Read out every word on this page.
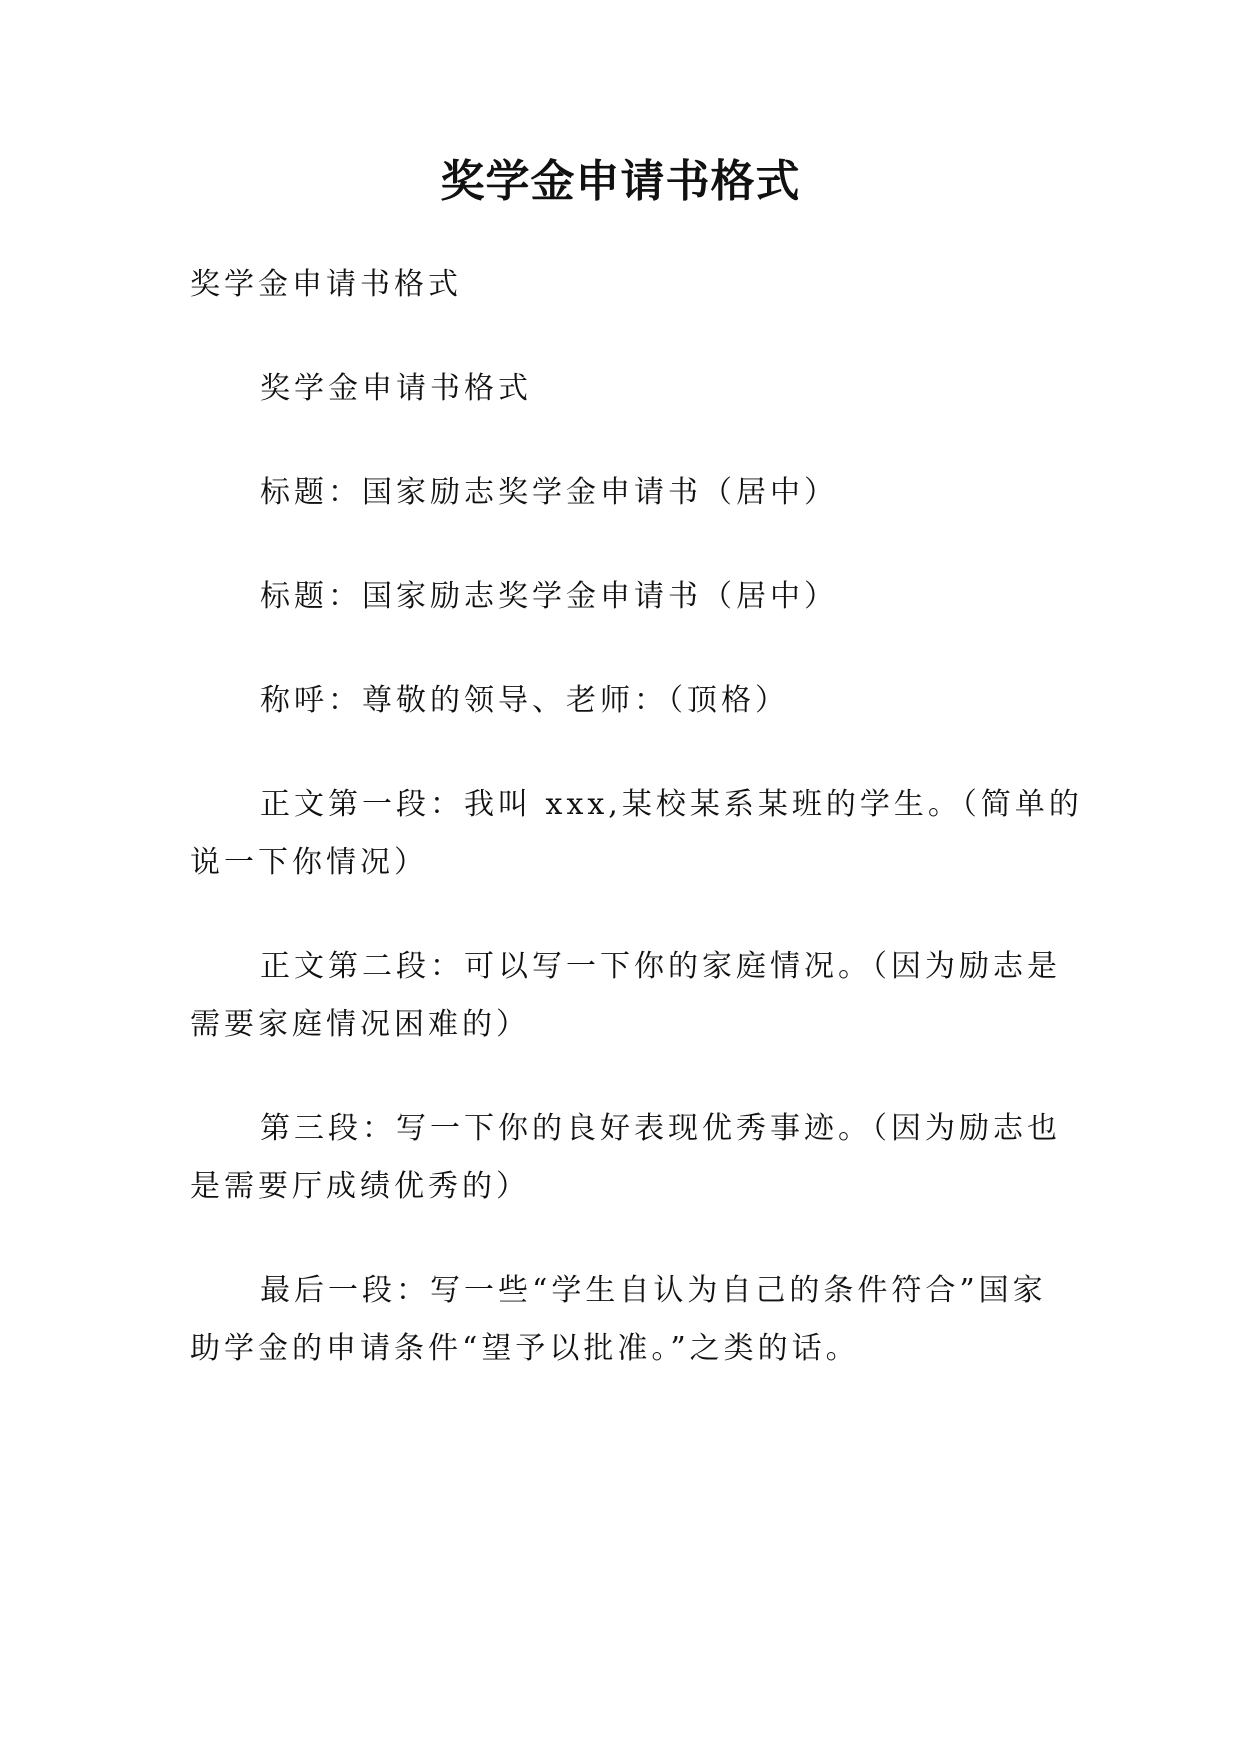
奖学金申请书格式
奖学金申请书格式
奖学金申请书格式
标题：国家励志奖学金申请书（居中）
标题：国家励志奖学金申请书（居中）
称呼：尊敬的领导、老师：（顶格）
正文第一段：我叫 xxx,某校某系某班的学生。（简单的
说一下你情况）
正文第二段：可以写一下你的家庭情况。（因为励志是
需要家庭情况困难的）
第三段：写一下你的良好表现优秀事迹。（因为励志也
是需要厅成绩优秀的）
最后一段：写一些“学生自认为自己的条件符合”国家
助学金的申请条件“望予以批准。”之类的话。
